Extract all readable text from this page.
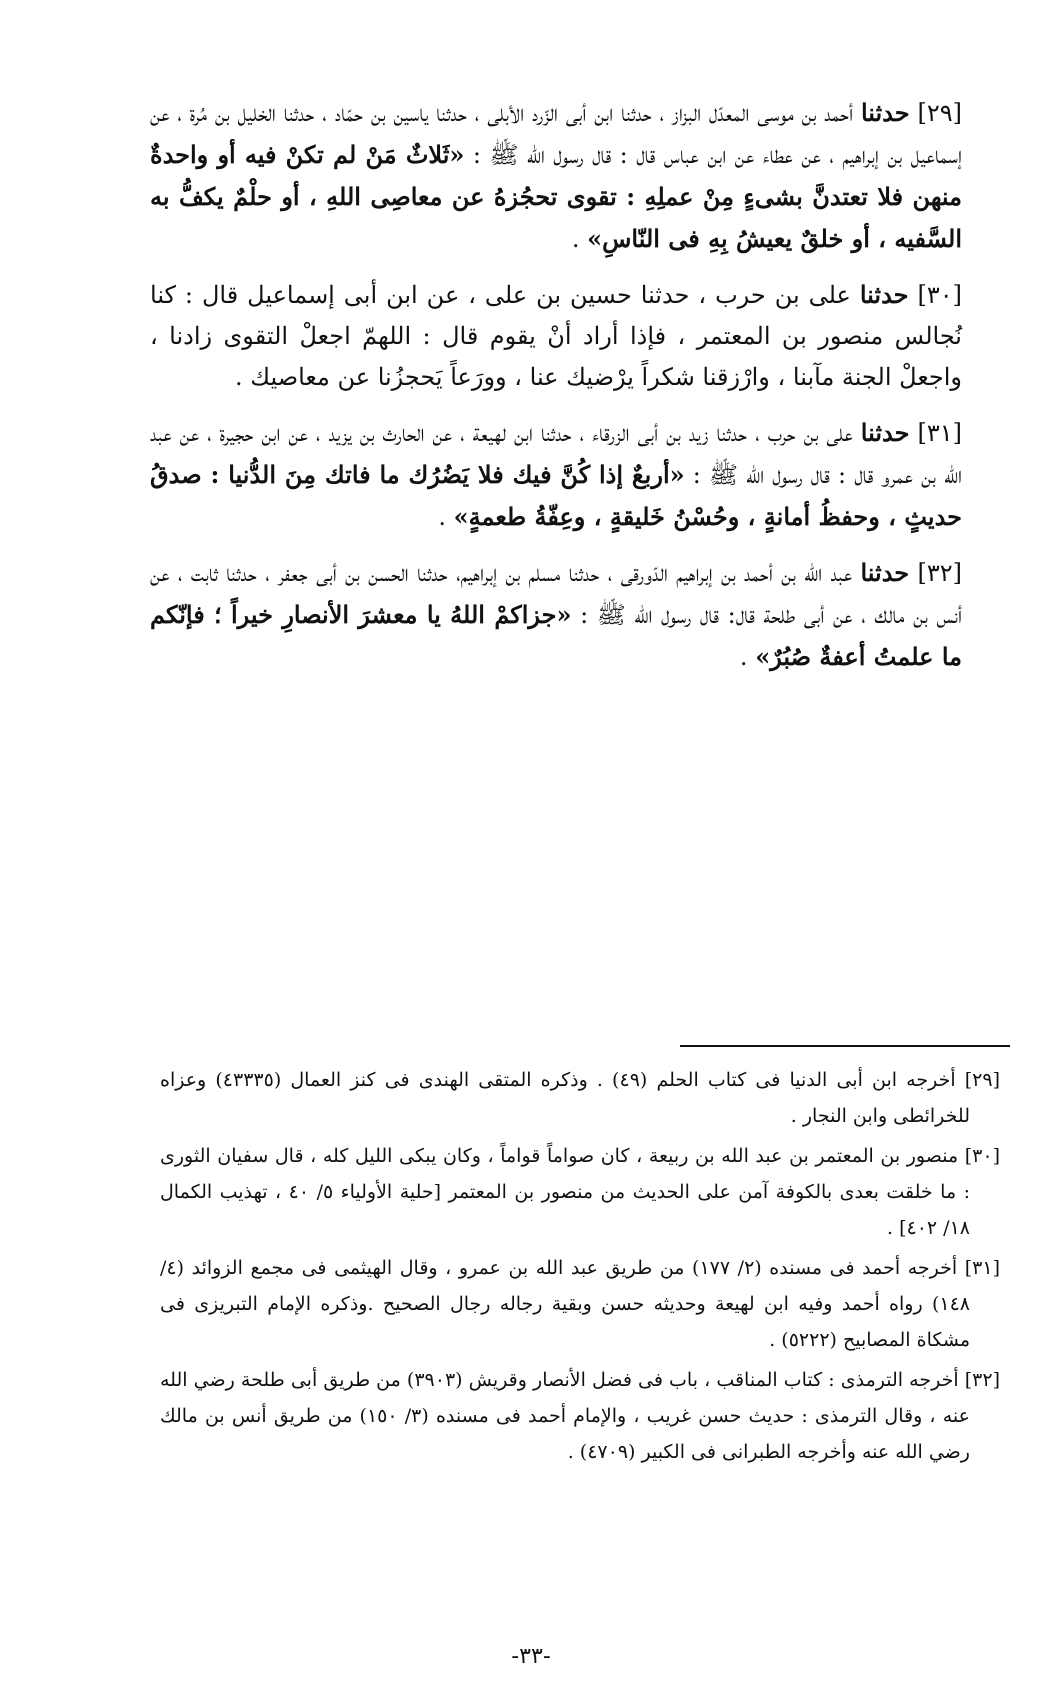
[٢٩] حدثنا أحمد بن موسى المعدّل البزاز ، حدثنا ابن أبى الزّرد الأبلى ، حدثنا ياسين بن حمّاد ، حدثنا الخليل بن مُرة ، عن إسماعيل بن إبراهيم ، عن عطاء عن ابن عباس قال : قال رسول الله ﷺ : «ثَلاثٌ مَنْ لم تكنْ فيه أو واحدةٌ منهن فلا تعتدنَّ بشىءٍ مِنْ عملِهِ : تقوى تحجُزهُ عن معاصِى اللهِ ، أو حلْمٌ يكفُّ به السَّفيه ، أو خلقٌ يعيشُ بِهِ فى النّاسِ» .

[٣٠] حدثنا على بن حرب ، حدثنا حسين بن على ، عن ابن أبى إسماعيل قال : كنا نُجالس منصور بن المعتمر ، فإذا أراد أنْ يقوم قال : اللهمّ اجعلْ التقوى زادنا ، واجعلْ الجنة مآبنا ، وارْزقنا شكراً يرْضيك عنا ، وورَعاً يَحجزُنا عن معاصيك .

[٣١] حدثنا على بن حرب ، حدثنا زيد بن أبى الزرقاء ، حدثنا ابن لهيعة ، عن الحارث بن يزيد ، عن ابن حجيرة ، عن عبد الله بن عمرو قال : قال رسول الله ﷺ : «أربعٌ إذا كُنَّ فيك فلا يَضُرُك ما فاتك مِنَ الدُّنيا : صدقُ حديثٍ ، وحفظُ أمانةٍ ، وحُسْنُ خَليقةٍ ، وعِفّةُ طعمةٍ» .

[٣٢] حدثنا عبد الله بن أحمد بن إبراهيم الدّورقى ، حدثنا مسلم بن إبراهيم، حدثنا الحسن بن أبى جعفر ، حدثنا ثابت ، عن أنس بن مالك ، عن أبى طلحة قال: قال رسول الله ﷺ : «جزاكمْ اللهُ يا معشرَ الأنصارِ خيراً ؛ فإنّكم ما علمتُ أعفةٌ صُبُرٌ» .

[٢٩] أخرجه ابن أبى الدنيا فى كتاب الحلم (٤٩) . وذكره المتقى الهندى فى كنز العمال (٤٣٣٣٥) وعزاه للخرائطى وابن النجار .

[٣٠] منصور بن المعتمر بن عبد الله بن ربيعة ، كان صواماً قواماً ، وكان يبكى الليل كله ، قال سفيان الثورى : ما خلقت بعدى بالكوفة آمن على الحديث من منصور بن المعتمر [حلية الأولياء ٥/ ٤٠ ، تهذيب الكمال ١٨/ ٤٠٢] .

[٣١] أخرجه أحمد فى مسنده (٢/ ١٧٧) من طريق عبد الله بن عمرو ، وقال الهيثمى فى مجمع الزوائد (٤/ ١٤٨) رواه أحمد وفيه ابن لهيعة وحديثه حسن وبقية رجاله رجال الصحيح .وذكره الإمام التبريزى فى مشكاة المصابيح (٥٢٢٢) .

[٣٢] أخرجه الترمذى : كتاب المناقب ، باب فى فضل الأنصار وقريش (٣٩٠٣) من طريق أبى طلحة رضي الله عنه ، وقال الترمذى : حديث حسن غريب ، والإمام أحمد فى مسنده (٣/ ١٥٠) من طريق أنس بن مالك رضي الله عنه وأخرجه الطبرانى فى الكبير (٤٧٠٩) .

-٣٣-
